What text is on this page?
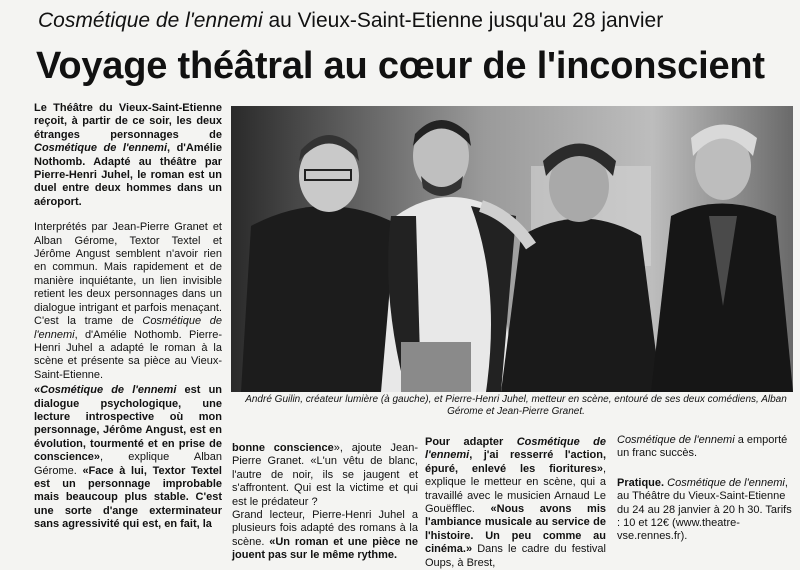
Cosmétique de l'ennemi au Vieux-Saint-Etienne jusqu'au 28 janvier
Voyage théâtral au cœur de l'inconscient

Le Théâtre du Vieux-Saint-Etienne reçoit, à partir de ce soir, les deux étranges personnages de Cosmétique de l'ennemi, d'Amélie Nothomb. Adapté au théâtre par Pierre-Henri Juhel, le roman est un duel entre deux hommes dans un aéroport.

Interprétés par Jean-Pierre Granet et Alban Gérome, Textor Textel et Jérôme Angust semblent n'avoir rien en commun. Mais rapidement et de manière inquiétante, un lien invisible retient les deux personnages dans un dialogue intrigant et parfois menaçant. C'est la trame de Cosmétique de l'ennemi, d'Amélie Nothomb. Pierre-Henri Juhel a adapté le roman à la scène et présente sa pièce au Vieux-Saint-Etienne.

«Cosmétique de l'ennemi est un dialogue psychologique, une lecture introspective où mon personnage, Jérôme Angust, est en évolution, tourmenté et en prise de conscience», explique Alban Gérome. «Face à lui, Textor Textel est un personnage improbable mais beaucoup plus stable. C'est une sorte d'ange exterminateur sans agressivité qui est, en fait, la

André Guilin, créateur lumière (à gauche), et Pierre-Henri Juhel, metteur en scène, entouré de ses deux comédiens, Alban Gérome et Jean-Pierre Granet.

bonne conscience», ajoute Jean-Pierre Granet. «L'un vêtu de blanc, l'autre de noir, ils se jaugent et s'affrontent. Qui est la victime et qui est le prédateur ?

Grand lecteur, Pierre-Henri Juhel a plusieurs fois adapté des romans à la scène. «Un roman et une pièce ne jouent pas sur le même rythme.

Pour adapter Cosmétique de l'ennemi, j'ai resserré l'action, épuré, enlevé les fioritures», explique le metteur en scène, qui a travaillé avec le musicien Arnaud Le Gouëfflec. «Nous avons mis l'ambiance musicale au service de l'histoire. Un peu comme au cinéma.» Dans le cadre du festival Oups, à Brest,

Cosmétique de l'ennemi a emporté un franc succès.

Pratique. Cosmétique de l'ennemi, au Théâtre du Vieux-Saint-Etienne du 24 au 28 janvier à 20 h 30. Tarifs : 10 et 12€ (www.theatre-vse.rennes.fr).
